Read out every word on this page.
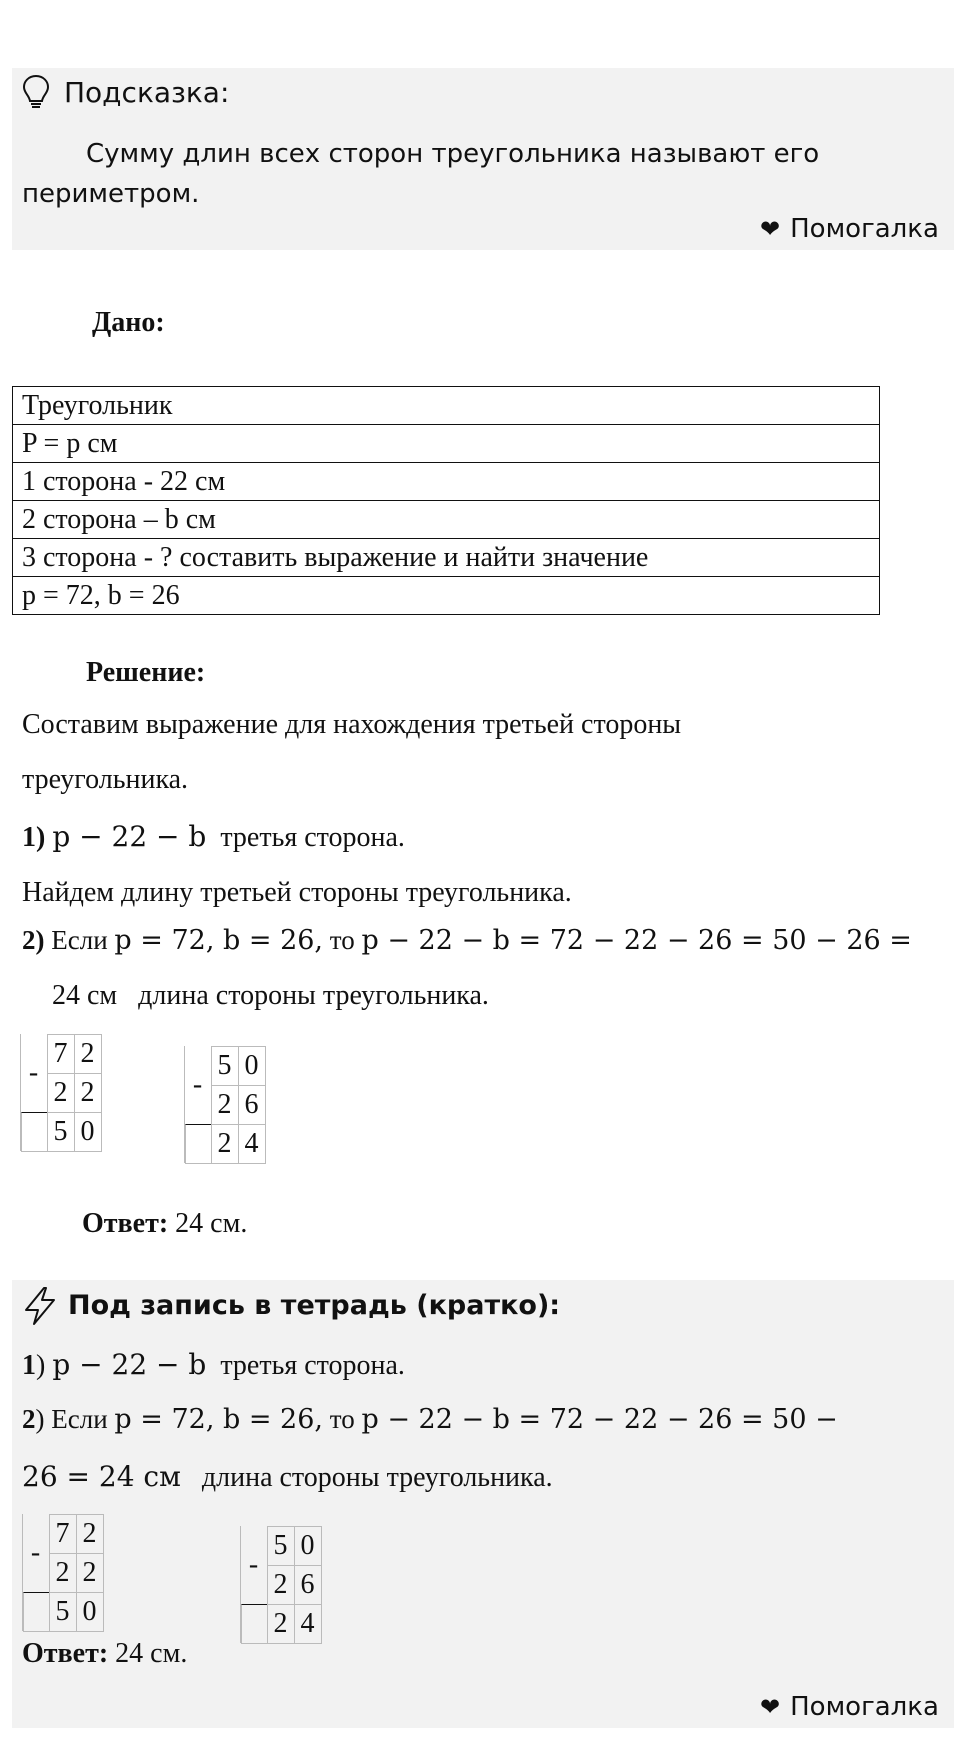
Подсказка:
Сумму длин всех сторон треугольника называют его периметром.
❤ Помогалка
Дано:
Треугольник
P = p см
1 сторона - 22 см
2 сторона – b см
3 сторона - ? составить выражение и найти значение
p = 72, b = 26
Решение:
Составим выражение для нахождения третьей стороны
треугольника.
1) p − 22 − b третья сторона.
Найдем длину третьей стороны треугольника.
2) Если p = 72, b = 26, то p − 22 − b = 72 − 22 − 26 = 50 − 26 =
24 см длина стороны треугольника.
-
7 2
2 2
5 0
-
5 0
2 6
2 4
Ответ: 24 см.
Под запись в тетрадь (кратко):
1) p − 22 − b третья сторона.
2) Если p = 72, b = 26, то p − 22 − b = 72 − 22 − 26 = 50 −
26 = 24 см длина стороны треугольника.
-
7 2
2 2
5 0
-
5 0
2 6
2 4
Ответ: 24 см.
❤ Помогалка
